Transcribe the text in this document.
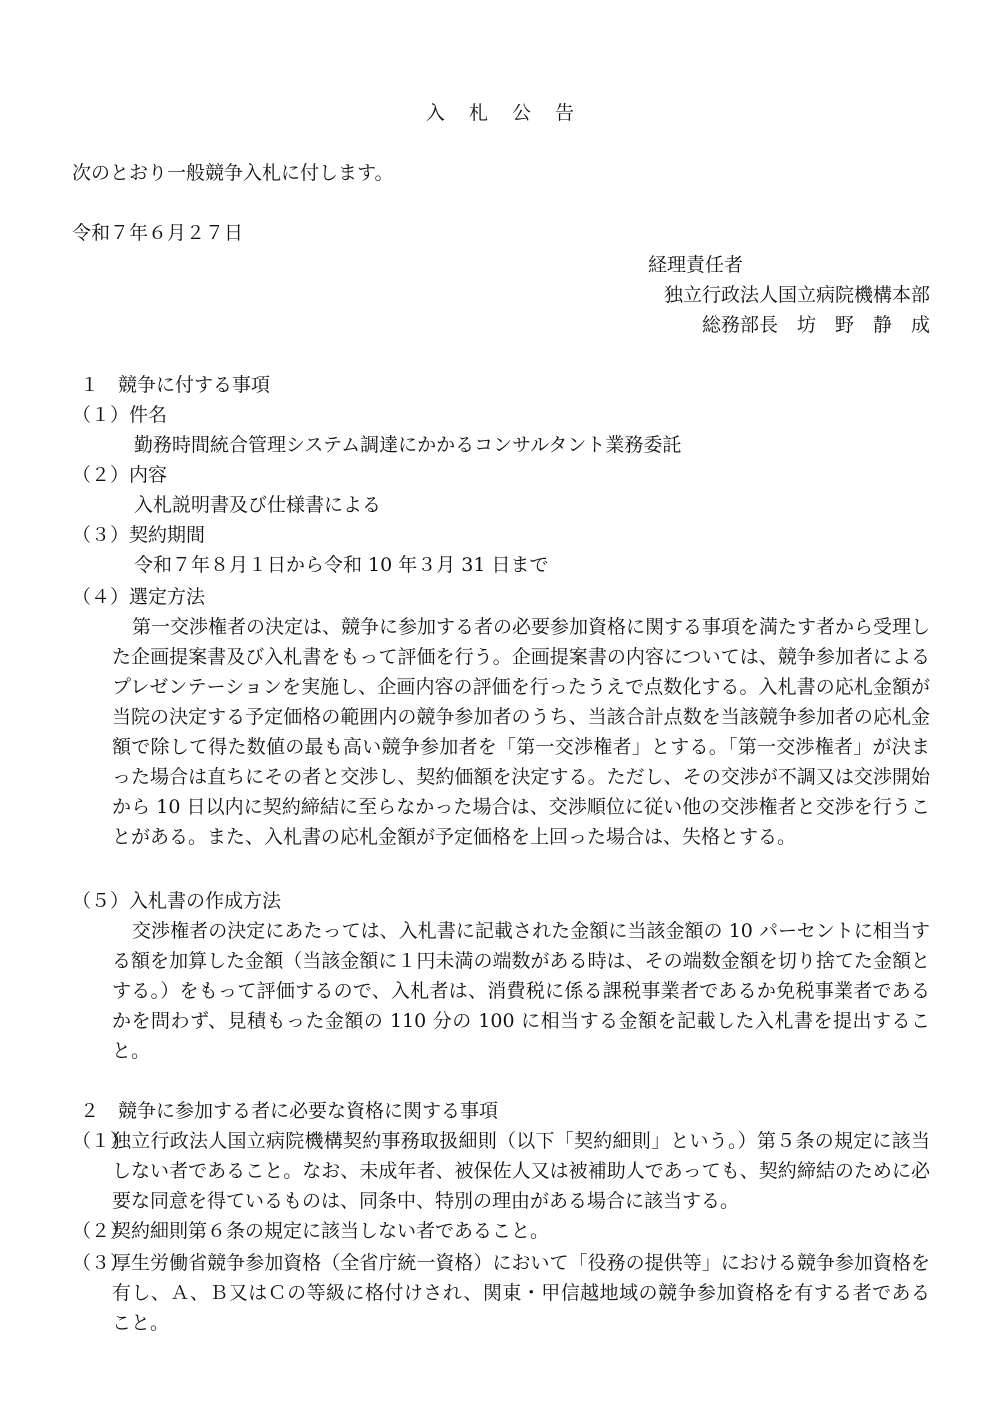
入札公告
次のとおり一般競争入札に付します。
令和７年６月２７日
経理責任者
独立行政法人国立病院機構本部
総務部長　坊　野　静　成
１　競争に付する事項
（１）件名
勤務時間統合管理システム調達にかかるコンサルタント業務委託
（２）内容
入札説明書及び仕様書による
（３）契約期間
令和７年８月１日から令和 10 年３月 31 日まで
（４）選定方法
第一交渉権者の決定は、競争に参加する者の必要参加資格に関する事項を満たす者から受理した企画提案書及び入札書をもって評価を行う。企画提案書の内容については、競争参加者によるプレゼンテーションを実施し、企画内容の評価を行ったうえで点数化する。入札書の応札金額が当院の決定する予定価格の範囲内の競争参加者のうち、当該合計点数を当該競争参加者の応札金額で除して得た数値の最も高い競争参加者を「第一交渉権者」とする。「第一交渉権者」が決まった場合は直ちにその者と交渉し、契約価額を決定する。ただし、その交渉が不調又は交渉開始から 10 日以内に契約締結に至らなかった場合は、交渉順位に従い他の交渉権者と交渉を行うことがある。また、入札書の応札金額が予定価格を上回った場合は、失格とする。
（５）入札書の作成方法
交渉権者の決定にあたっては、入札書に記載された金額に当該金額の 10 パーセントに相当する額を加算した金額（当該金額に１円未満の端数がある時は、その端数金額を切り捨てた金額とする。）をもって評価するので、入札者は、消費税に係る課税事業者であるか免税事業者であるかを問わず、見積もった金額の 110 分の 100 に相当する金額を記載した入札書を提出すること。
２　競争に参加する者に必要な資格に関する事項
（１）
独立行政法人国立病院機構契約事務取扱細則（以下「契約細則」という。）第５条の規定に該当しない者であること。なお、未成年者、被保佐人又は被補助人であっても、契約締結のために必要な同意を得ているものは、同条中、特別の理由がある場合に該当する。
（２）
契約細則第６条の規定に該当しない者であること。
（３）
厚生労働省競争参加資格（全省庁統一資格）において「役務の提供等」における競争参加資格を有し、Ａ、Ｂ又はＣの等級に格付けされ、関東・甲信越地域の競争参加資格を有する者であること。
